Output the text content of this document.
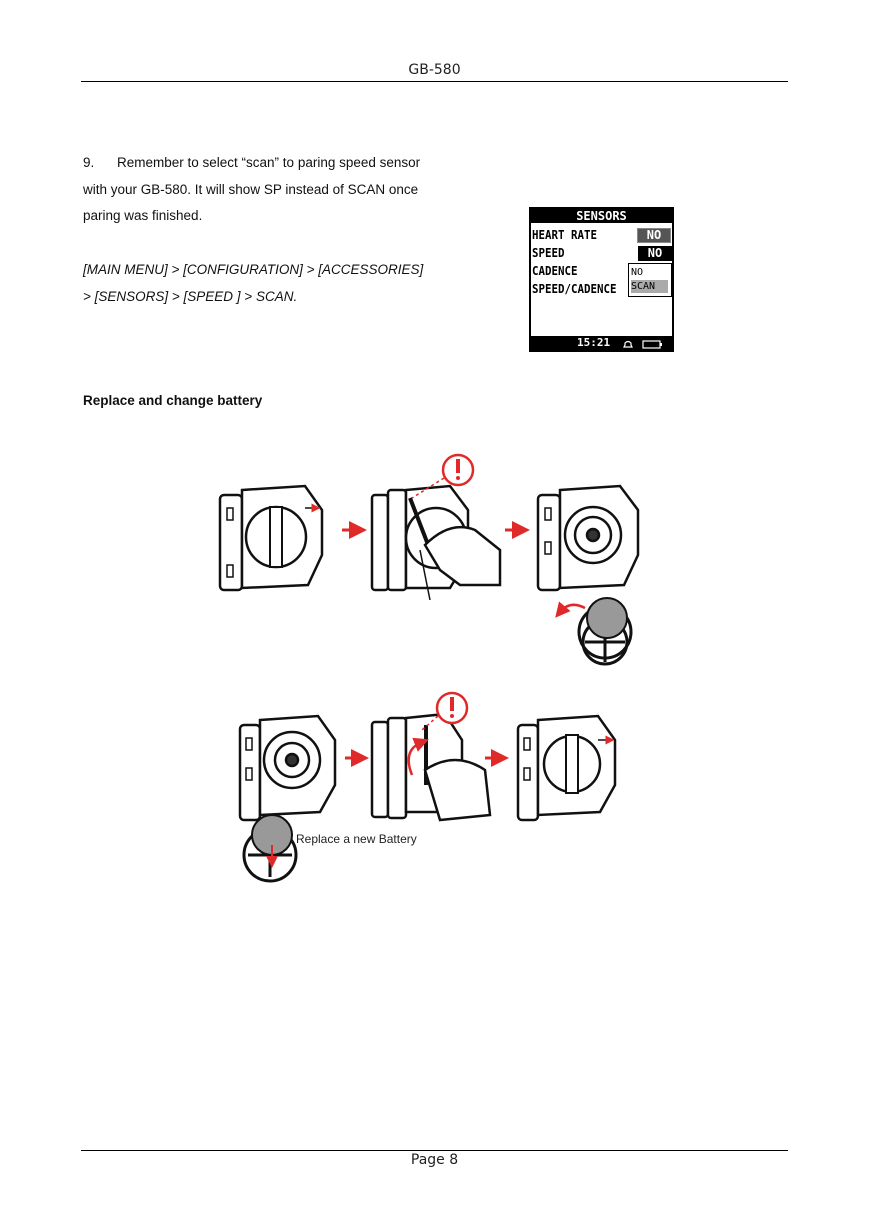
GB-580
9. Remember to select “scan” to paring speed sensor
with your GB-580. It will show SP instead of SCAN once
paring was finished.
[MAIN MENU] > [CONFIGURATION] > [ACCESSORIES]
> [SENSORS] > [SPEED ] > SCAN.
SENSORS
HEART RATE	NO
SPEED	NO
CADENCE
SPEED/CADENCE
NO
SCAN
15:21
Replace and change battery
Replace a new Battery
Page 8
